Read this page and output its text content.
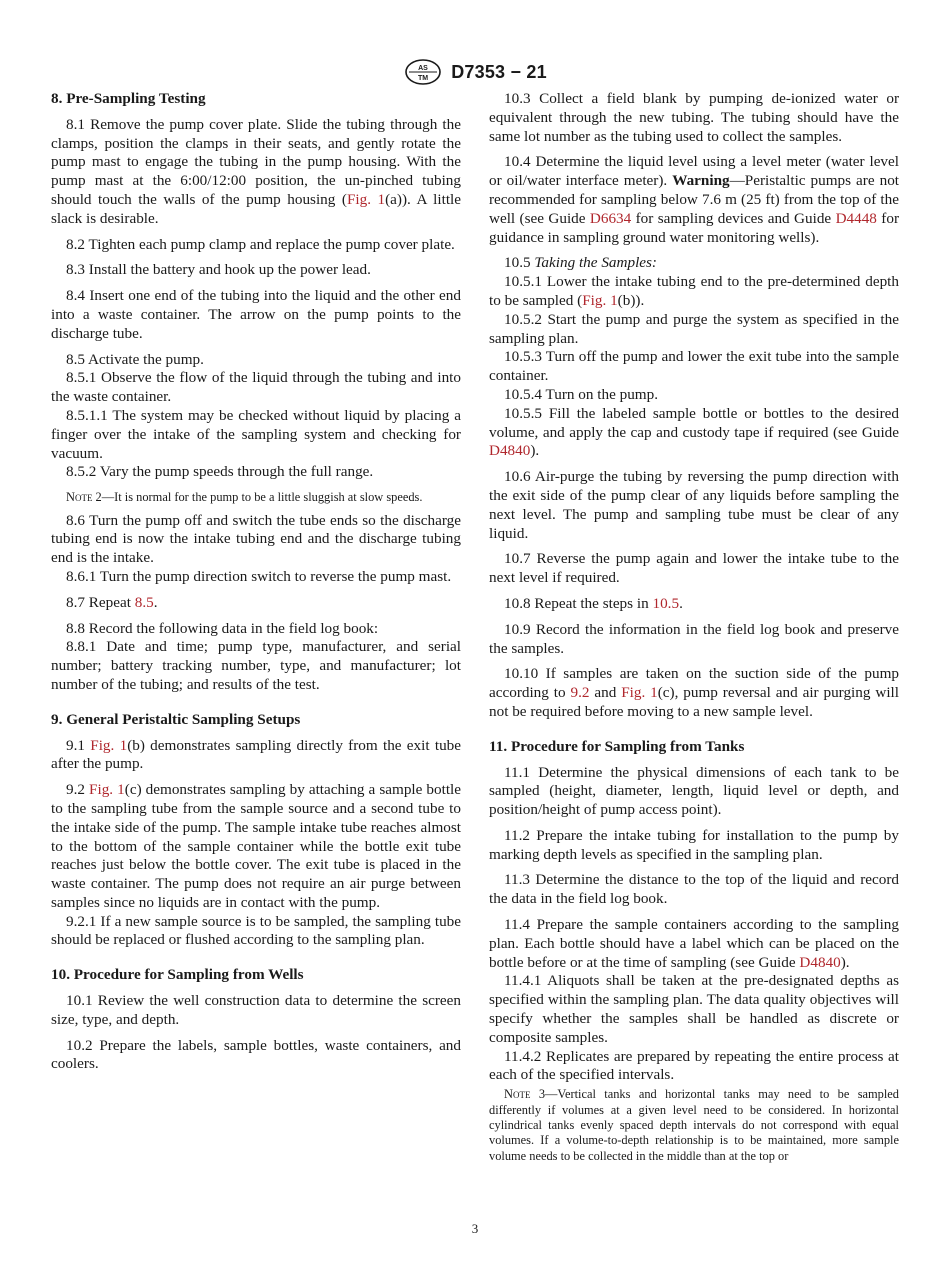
AS
TM D7353 − 21
8. Pre-Sampling Testing

8.1 Remove the pump cover plate. Slide the tubing through the clamps, position the clamps in their seats, and gently rotate the pump mast to engage the tubing in the pump housing. With the pump mast at the 6:00/12:00 position, the un-pinched tubing should touch the walls of the pump housing (Fig. 1(a)). A little slack is desirable.

8.2 Tighten each pump clamp and replace the pump cover plate.

8.3 Install the battery and hook up the power lead.

8.4 Insert one end of the tubing into the liquid and the other end into a waste container. The arrow on the pump points to the discharge tube.

8.5 Activate the pump.

8.5.1 Observe the flow of the liquid through the tubing and into the waste container.

8.5.1.1 The system may be checked without liquid by placing a finger over the intake of the sampling system and checking for vacuum.

8.5.2 Vary the pump speeds through the full range.

Note 2—It is normal for the pump to be a little sluggish at slow speeds.

8.6 Turn the pump off and switch the tube ends so the discharge tubing end is now the intake tubing end and the discharge tubing end is the intake.

8.6.1 Turn the pump direction switch to reverse the pump mast.

8.7 Repeat 8.5.

8.8 Record the following data in the field log book:

8.8.1 Date and time; pump type, manufacturer, and serial number; battery tracking number, type, and manufacturer; lot number of the tubing; and results of the test.

9. General Peristaltic Sampling Setups

9.1 Fig. 1(b) demonstrates sampling directly from the exit tube after the pump.

9.2 Fig. 1(c) demonstrates sampling by attaching a sample bottle to the sampling tube from the sample source and a second tube to the intake side of the pump. The sample intake tube reaches almost to the bottom of the sample container while the bottle exit tube reaches just below the bottle cover. The exit tube is placed in the waste container. The pump does not require an air purge between samples since no liquids are in contact with the pump.

9.2.1 If a new sample source is to be sampled, the sampling tube should be replaced or flushed according to the sampling plan.

10. Procedure for Sampling from Wells

10.1 Review the well construction data to determine the screen size, type, and depth.

10.2 Prepare the labels, sample bottles, waste containers, and coolers.

10.3 Collect a field blank by pumping de-ionized water or equivalent through the new tubing. The tubing should have the same lot number as the tubing used to collect the samples.

10.4 Determine the liquid level using a level meter (water level or oil/water interface meter). Warning—Peristaltic pumps are not recommended for sampling below 7.6 m (25 ft) from the top of the well (see Guide D6634 for sampling devices and Guide D4448 for guidance in sampling ground water monitoring wells).

10.5 Taking the Samples:

10.5.1 Lower the intake tubing end to the pre-determined depth to be sampled (Fig. 1(b)).

10.5.2 Start the pump and purge the system as specified in the sampling plan.

10.5.3 Turn off the pump and lower the exit tube into the sample container.

10.5.4 Turn on the pump.

10.5.5 Fill the labeled sample bottle or bottles to the desired volume, and apply the cap and custody tape if required (see Guide D4840).

10.6 Air-purge the tubing by reversing the pump direction with the exit side of the pump clear of any liquids before sampling the next level. The pump and sampling tube must be clear of any liquid.

10.7 Reverse the pump again and lower the intake tube to the next level if required.

10.8 Repeat the steps in 10.5.

10.9 Record the information in the field log book and preserve the samples.

10.10 If samples are taken on the suction side of the pump according to 9.2 and Fig. 1(c), pump reversal and air purging will not be required before moving to a new sample level.

11. Procedure for Sampling from Tanks

11.1 Determine the physical dimensions of each tank to be sampled (height, diameter, length, liquid level or depth, and position/height of pump access point).

11.2 Prepare the intake tubing for installation to the pump by marking depth levels as specified in the sampling plan.

11.3 Determine the distance to the top of the liquid and record the data in the field log book.

11.4 Prepare the sample containers according to the sampling plan. Each bottle should have a label which can be placed on the bottle before or at the time of sampling (see Guide D4840).

11.4.1 Aliquots shall be taken at the pre-designated depths as specified within the sampling plan. The data quality objectives will specify whether the samples shall be handled as discrete or composite samples.

11.4.2 Replicates are prepared by repeating the entire process at each of the specified intervals.

Note 3—Vertical tanks and horizontal tanks may need to be sampled differently if volumes at a given level need to be considered. In horizontal cylindrical tanks evenly spaced depth intervals do not correspond with equal volumes. If a volume-to-depth relationship is to be maintained, more sample volume needs to be collected in the middle than at the top or
3
